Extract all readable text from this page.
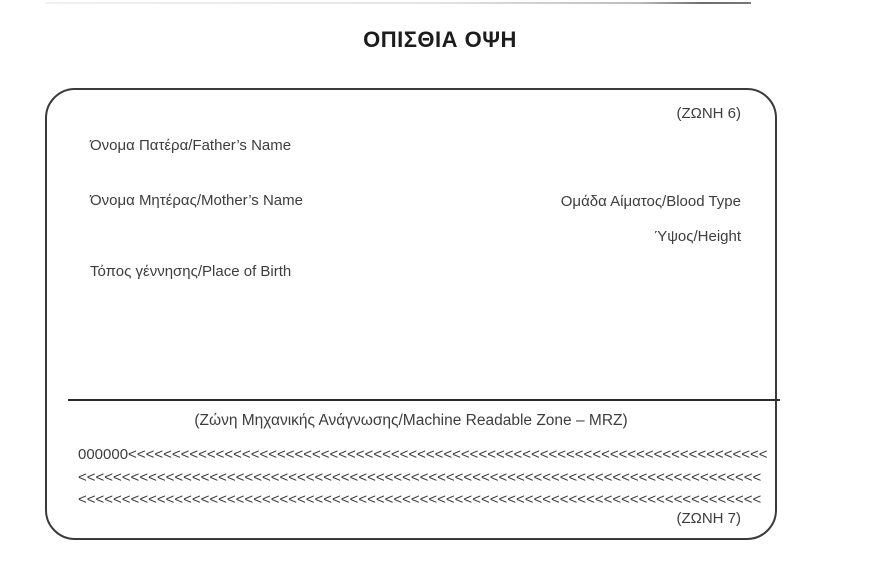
ΟΠΙΣΘΙΑ ΟΨΗ
(ΖΩΝΗ 6)
Όνομα Πατέρα/Father’s Name
Όνομα Μητέρας/Mother’s Name	Ομάδα Αίματος/Blood Type
Ύψος/Height
Τόπος γέννησης/Place of Birth
(Ζώνη Μηχανικής Ανάγνωσης/Machine Readable Zone – MRZ)
000000<<<<<<<<<<<<<<<<<<<<<<<<<<<<<<<<<<<<<<<<<<<<<<<<<<<<<<<<<<<<<<<<<<<<<<<<<
<<<<<<<<<<<<<<<<<<<<<<<<<<<<<<<<<<<<<<<<<<<<<<<<<<<<<<<<<<<<<<<<<<<<<<<<<<<<<<
<<<<<<<<<<<<<<<<<<<<<<<<<<<<<<<<<<<<<<<<<<<<<<<<<<<<<<<<<<<<<<<<<<<<<<<<<<<<<<
(ΖΩΝΗ 7)
